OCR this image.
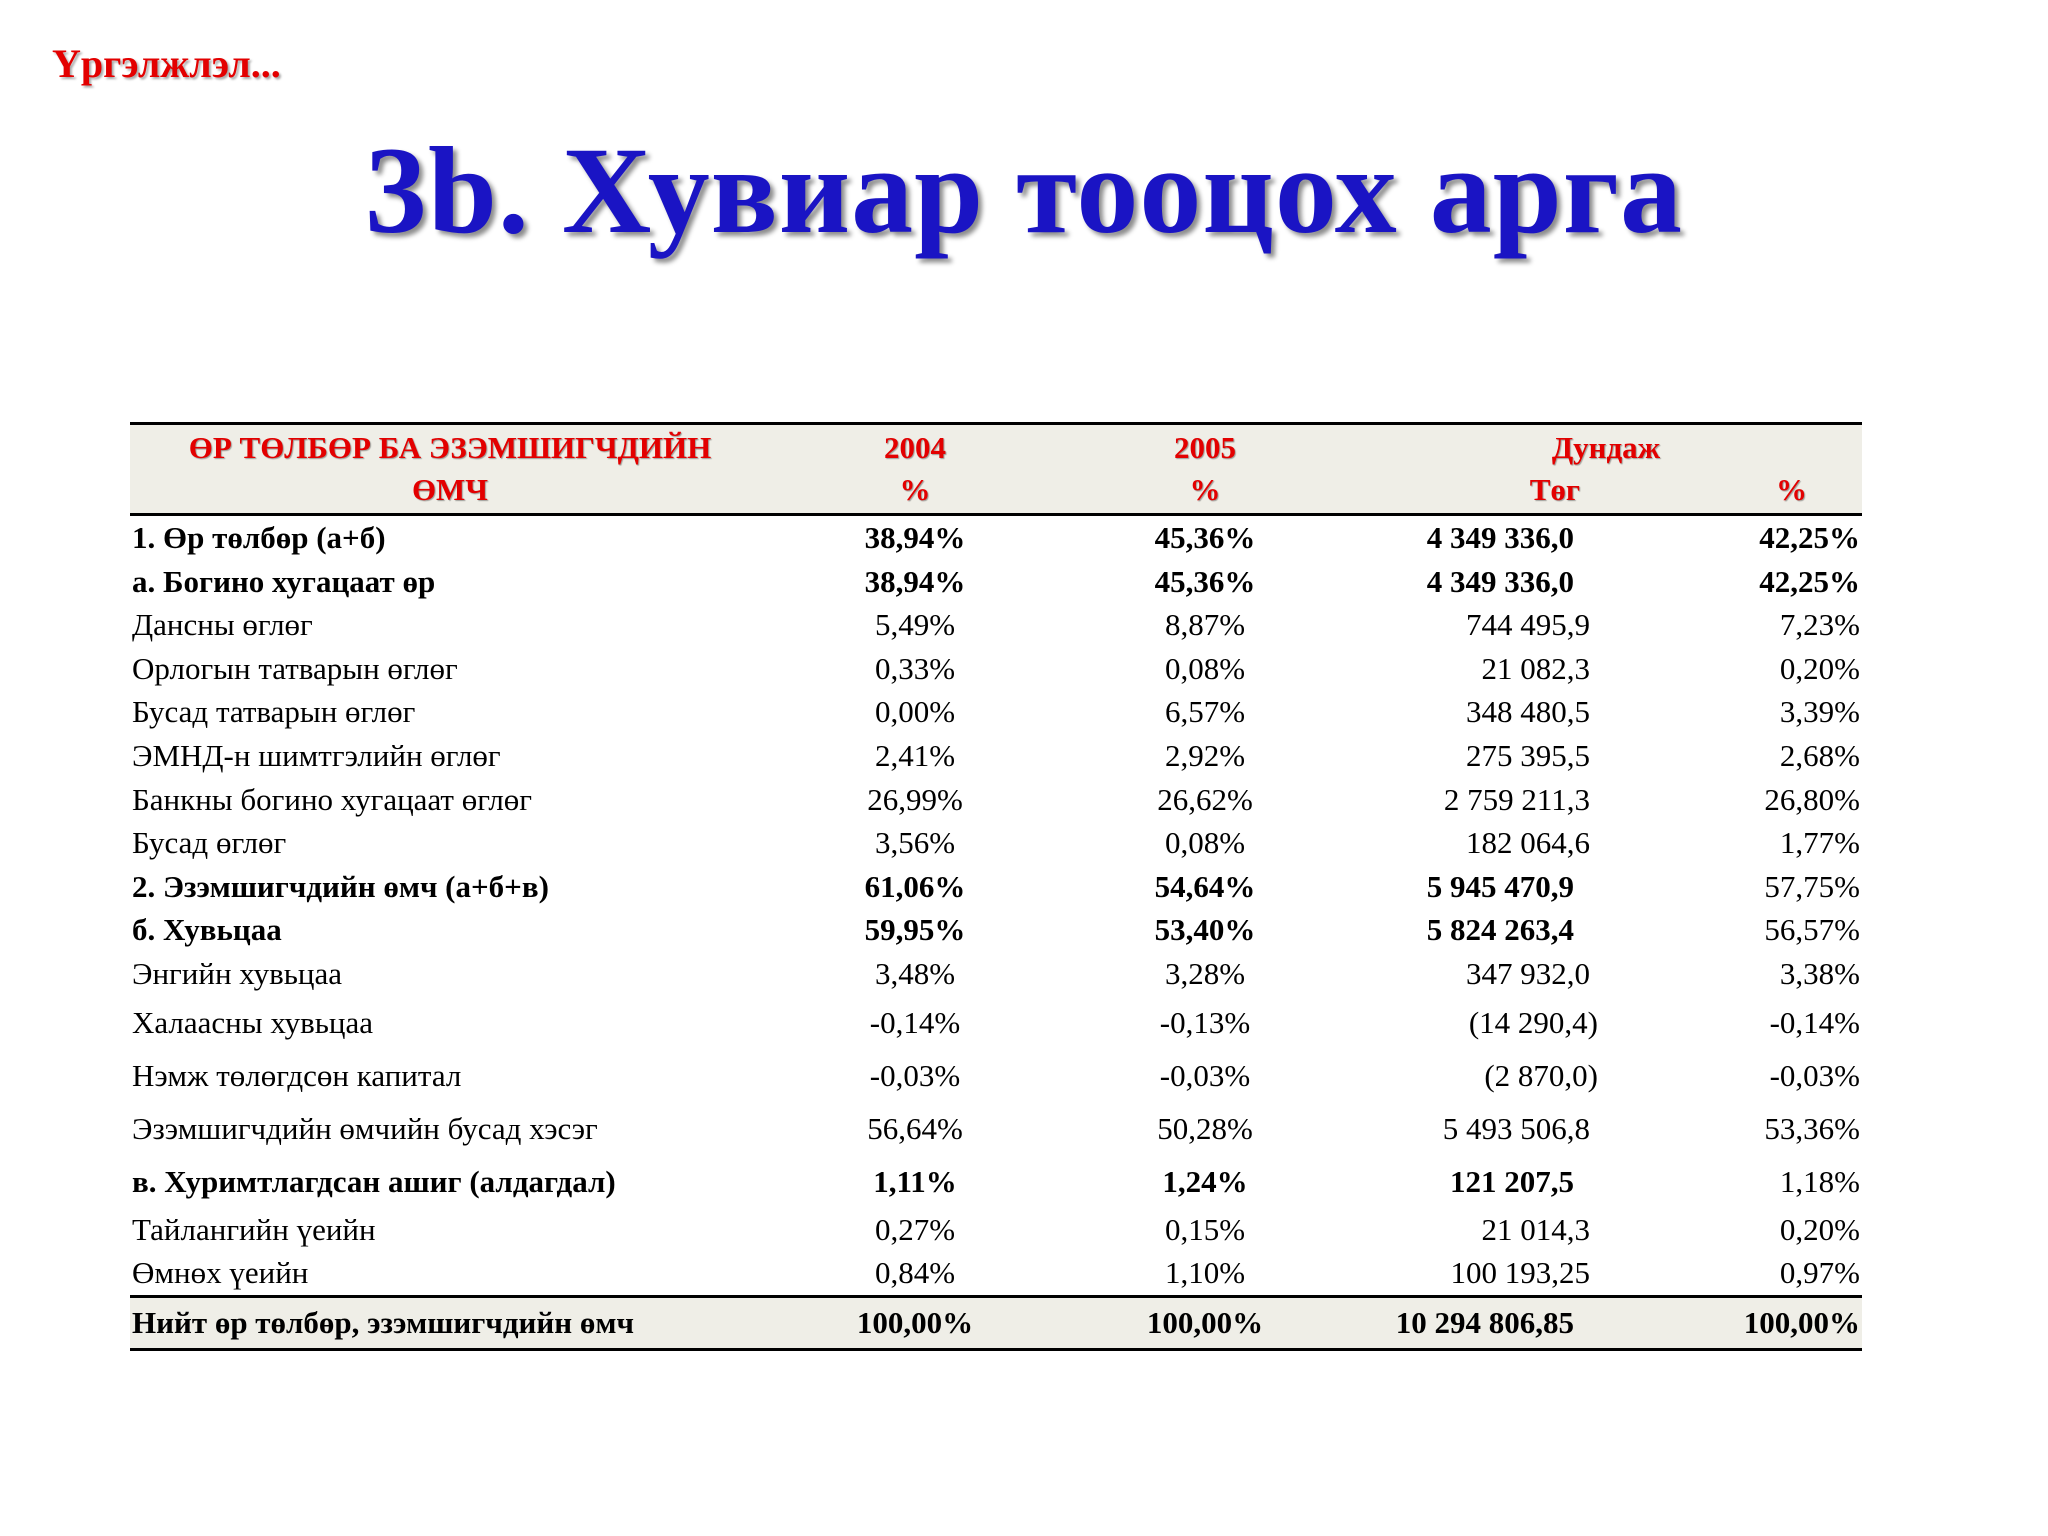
Үргэлжлэл...
3b. Хувиар тооцох арга
ӨР ТӨЛБӨР БА ЭЗЭМШИГЧДИЙН	2004	2005	Дундаж	
ӨМЧ	%	%	Төг	%
1. Өр төлбөр (а+б)	38,94%	45,36%	4 349 336,0	42,25%
а. Богино хугацаат өр	38,94%	45,36%	4 349 336,0	42,25%
Дансны өглөг	5,49%	8,87%	744 495,9	7,23%
Орлогын татварын өглөг	0,33%	0,08%	21 082,3	0,20%
Бусад татварын өглөг	0,00%	6,57%	348 480,5	3,39%
ЭМНД-н шимтгэлийн өглөг	2,41%	2,92%	275 395,5	2,68%
Банкны богино хугацаат өглөг	26,99%	26,62%	2 759 211,3	26,80%
Бусад өглөг	3,56%	0,08%	182 064,6	1,77%
2. Эзэмшигчдийн өмч (а+б+в)	61,06%	54,64%	5 945 470,9	57,75%
б. Хувьцаа	59,95%	53,40%	5 824 263,4	56,57%
Энгийн хувьцаа	3,48%	3,28%	347 932,0	3,38%
Халаасны хувьцаа	-0,14%	-0,13%	(14 290,4)	-0,14%
Нэмж төлөгдсөн капитал	-0,03%	-0,03%	(2 870,0)	-0,03%
Эзэмшигчдийн өмчийн бусад хэсэг	56,64%	50,28%	5 493 506,8	53,36%
в. Хуримтлагдсан ашиг (алдагдал)	1,11%	1,24%	121 207,5	1,18%
Тайлангийн үеийн	0,27%	0,15%	21 014,3	0,20%
Өмнөх үеийн	0,84%	1,10%	100 193,25	0,97%
Нийт өр төлбөр, эзэмшигчдийн өмч	100,00%	100,00%	10 294 806,85	100,00%
